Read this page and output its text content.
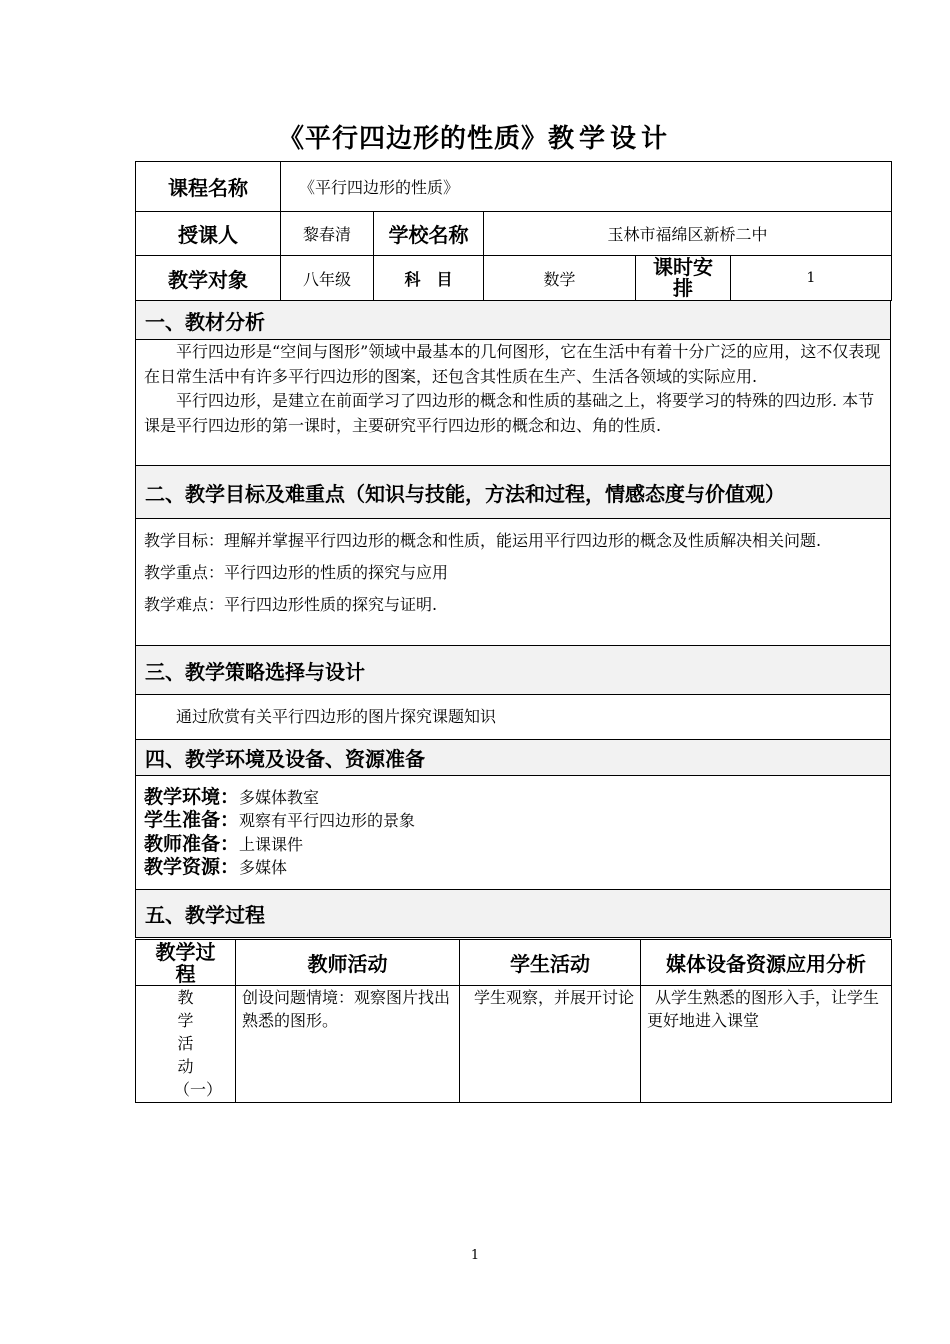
《平行四边形的性质》教学设计
课程名称	《平行四边形的性质》				
授课人	黎春清	学校名称	玉林市福绵区新桥二中		
教学对象	八年级	科　目	数学	课时安排	1
一、教材分析

平行四边形是“空间与图形”领域中最基本的几何图形，它在生活中有着十分广泛的应用，这不仅表现在日常生活中有许多平行四边形的图案，还包含其性质在生产、生活各领域的实际应用.
平行四边形，是建立在前面学习了四边形的概念和性质的基础之上，将要学习的特殊的四边形. 本节课是平行四边形的第一课时，主要研究平行四边形的概念和边、角的性质.

二、教学目标及难重点（知识与技能，方法和过程，情感态度与价值观）

教学目标：理解并掌握平行四边形的概念和性质，能运用平行四边形的概念及性质解决相关问题.
教学重点：平行四边形的性质的探究与应用
教学难点：平行四边形性质的探究与证明.

三、教学策略选择与设计
通过欣赏有关平行四边形的图片探究课题知识
四、教学环境及设备、资源准备

教学环境：多媒体教室
学生准备：观察有平行四边形的景象
教师准备：上课课件
教学资源：多媒体

五、教学过程
教学过程	教师活动	学生活动	媒体设备资源应用分析
教学活动（一）	创设问题情境：观察图片找出熟悉的图形。	学生观察，并展开讨论	从学生熟悉的图形入手，让学生更好地进入课堂
1
